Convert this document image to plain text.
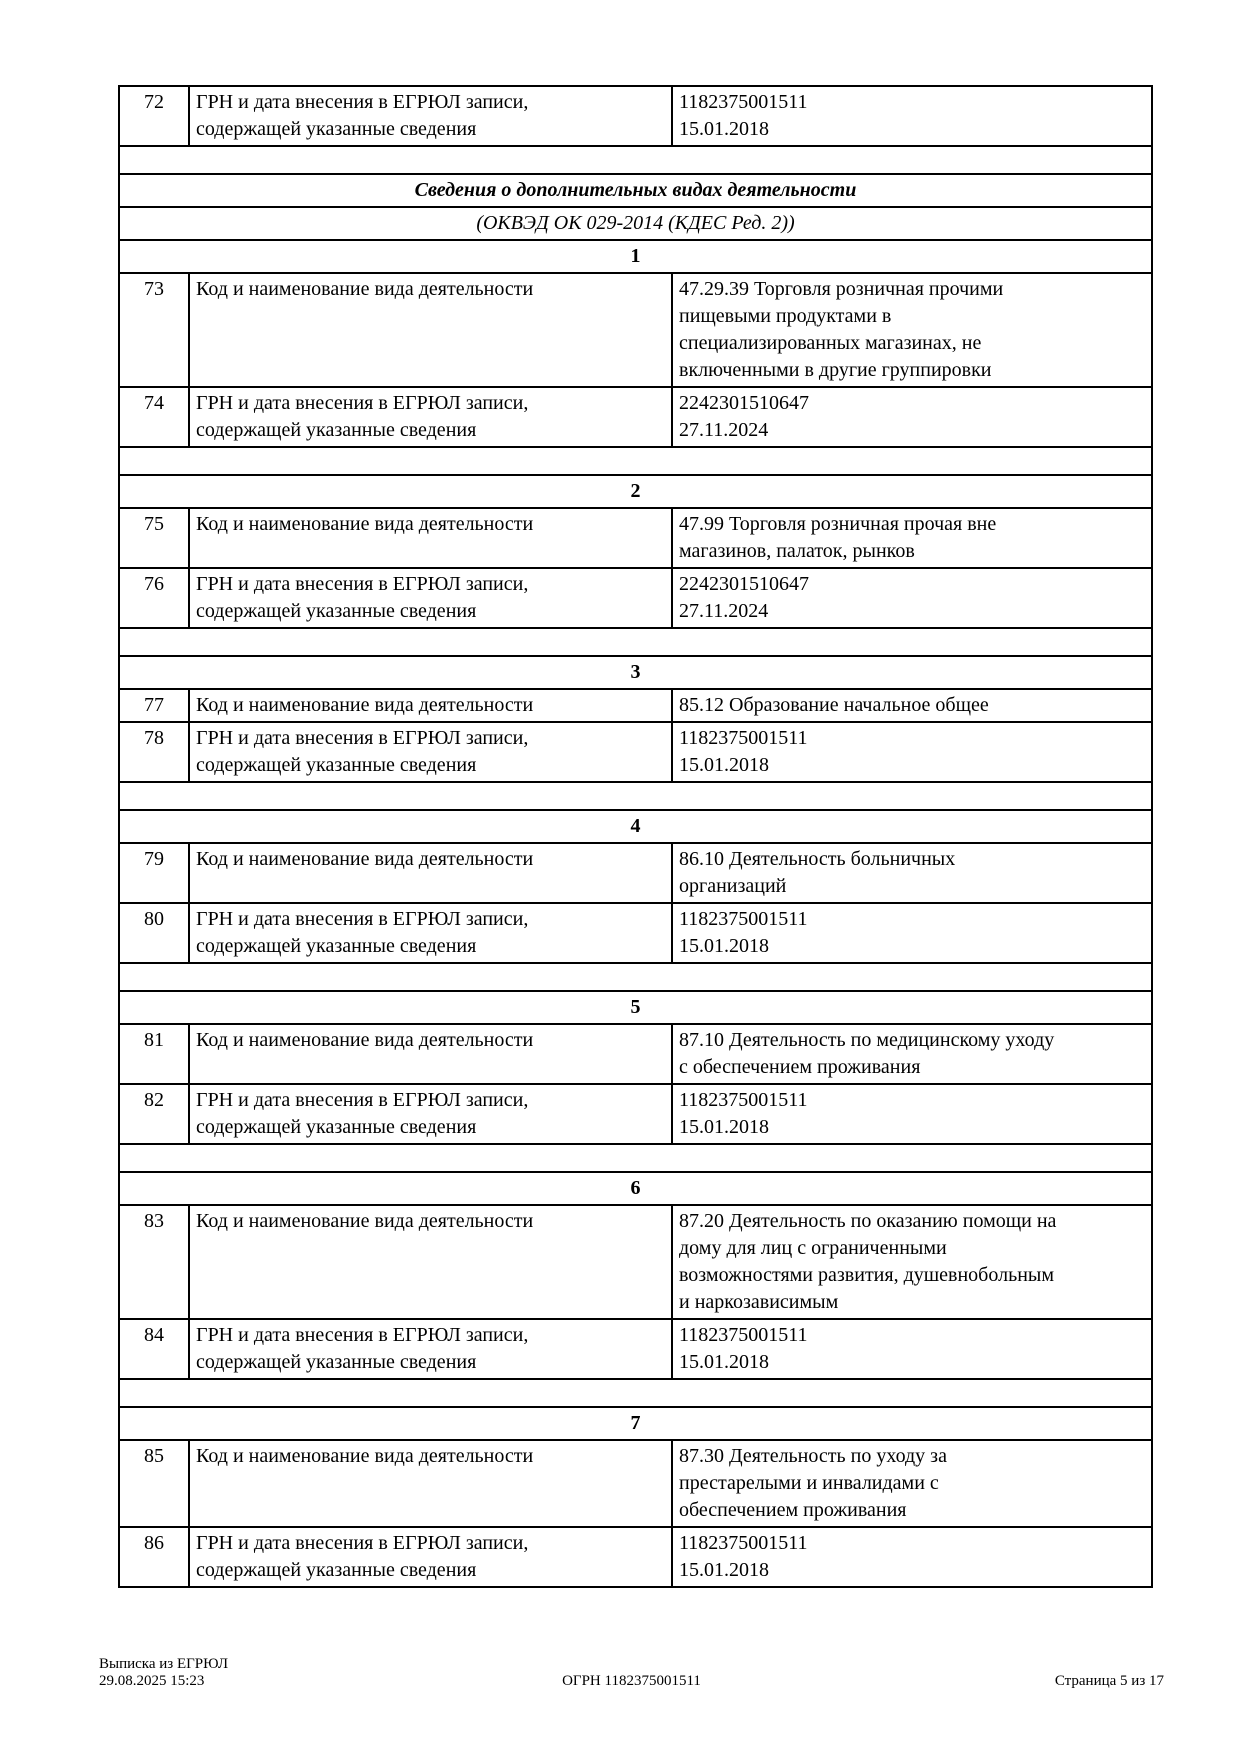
72	ГРН и дата внесения в ЕГРЮЛ записи,
содержащей указанные сведения	1182375001511
15.01.2018

Сведения о дополнительных видах деятельности		
(ОКВЭД ОК 029-2014 (КДЕС Ред. 2))		
1		
73	Код и наименование вида деятельности	47.29.39 Торговля розничная прочими
пищевыми продуктами в
специализированных магазинах, не
включенными в другие группировки
74	ГРН и дата внесения в ЕГРЮЛ записи,
содержащей указанные сведения	2242301510647
27.11.2024

2		
75	Код и наименование вида деятельности	47.99 Торговля розничная прочая вне
магазинов, палаток, рынков
76	ГРН и дата внесения в ЕГРЮЛ записи,
содержащей указанные сведения	2242301510647
27.11.2024

3		
77	Код и наименование вида деятельности	85.12 Образование начальное общее
78	ГРН и дата внесения в ЕГРЮЛ записи,
содержащей указанные сведения	1182375001511
15.01.2018

4		
79	Код и наименование вида деятельности	86.10 Деятельность больничных
организаций
80	ГРН и дата внесения в ЕГРЮЛ записи,
содержащей указанные сведения	1182375001511
15.01.2018

5		
81	Код и наименование вида деятельности	87.10 Деятельность по медицинскому уходу
с обеспечением проживания
82	ГРН и дата внесения в ЕГРЮЛ записи,
содержащей указанные сведения	1182375001511
15.01.2018

6		
83	Код и наименование вида деятельности	87.20 Деятельность по оказанию помощи на
дому для лиц с ограниченными
возможностями развития, душевнобольным
и наркозависимым
84	ГРН и дата внесения в ЕГРЮЛ записи,
содержащей указанные сведения	1182375001511
15.01.2018

7		
85	Код и наименование вида деятельности	87.30 Деятельность по уходу за
престарелыми и инвалидами с
обеспечением проживания
86	ГРН и дата внесения в ЕГРЮЛ записи,
содержащей указанные сведения	1182375001511
15.01.2018
Выписка из ЕГРЮЛ
29.08.2025 15:23	ОГРН 1182375001511	Страница 5 из 17
